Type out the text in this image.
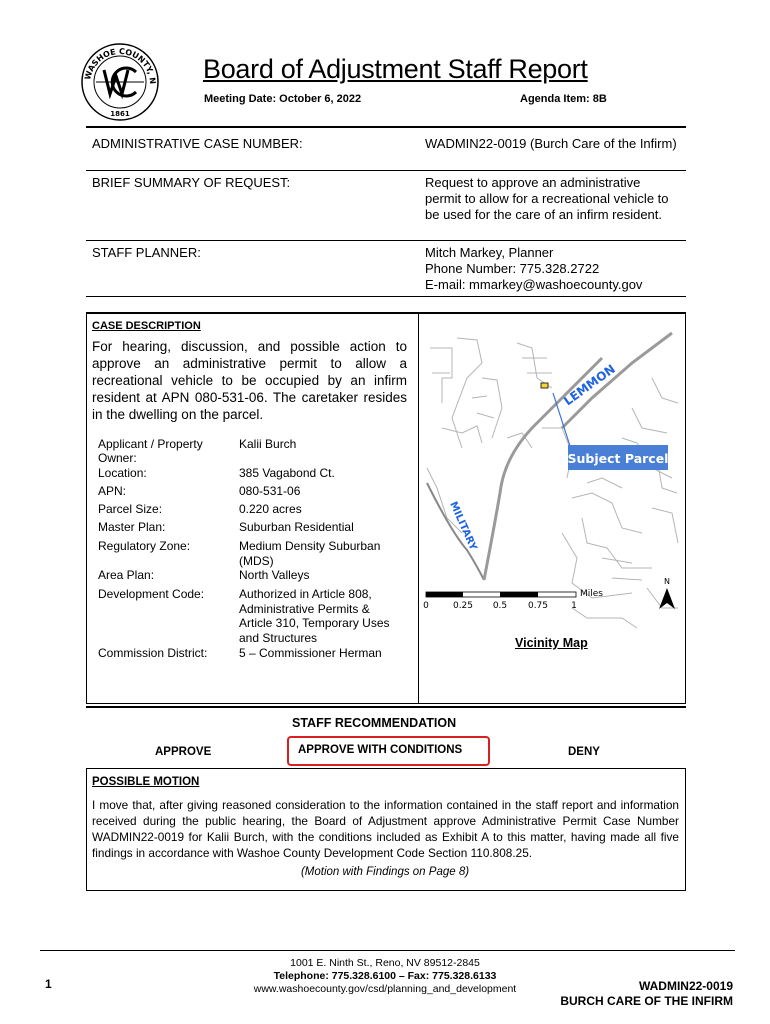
WASHOE COUNTY, N
1861
Board of Adjustment Staff Report
Meeting Date: October 6, 2022	Agenda Item: 8B
ADMINISTRATIVE CASE NUMBER:	WADMIN22-0019 (Burch Care of the Infirm)
BRIEF SUMMARY OF REQUEST:	Request to approve an administrative permit to allow for a recreational vehicle to be used for the care of an infirm resident.
STAFF PLANNER:	Mitch Markey, Planner
Phone Number: 775.328.2722
E-mail: mmarkey@washoecounty.gov
CASE DESCRIPTION
For hearing, discussion, and possible action to approve an administrative permit to allow a recreational vehicle to be occupied by an infirm resident at APN 080-531-06. The caretaker resides in the dwelling on the parcel.
Applicant / Property Owner:
Kalii Burch
Location:	385 Vagabond Ct.
APN:	080-531-06
Parcel Size:	0.220 acres
Master Plan:	Suburban Residential
Regulatory Zone:	Medium Density Suburban (MDS)
Area Plan:	North Valleys
Development Code:	Authorized in Article 808, Administrative Permits & Article 310, Temporary Uses and Structures
Commission District:	5 – Commissioner Herman
LEMMON
MILITARY
Subject Parcel
0	0.25 0.5 0.75	1
Miles
N
Vicinity Map
STAFF RECOMMENDATION
APPROVE	APPROVE WITH CONDITIONS	DENY
POSSIBLE MOTION
I move that, after giving reasoned consideration to the information contained in the staff report and information received during the public hearing, the Board of Adjustment approve Administrative Permit Case Number WADMIN22-0019 for Kalii Burch, with the conditions included as Exhibit A to this matter, having made all five findings in accordance with Washoe County Development Code Section 110.808.25.
(Motion with Findings on Page 8)
1001 E. Ninth St., Reno, NV 89512-2845
Telephone: 775.328.6100 – Fax: 775.328.6133
www.washoecounty.gov/csd/planning_and_development
1	WADMIN22-0019
BURCH CARE OF THE INFIRM
